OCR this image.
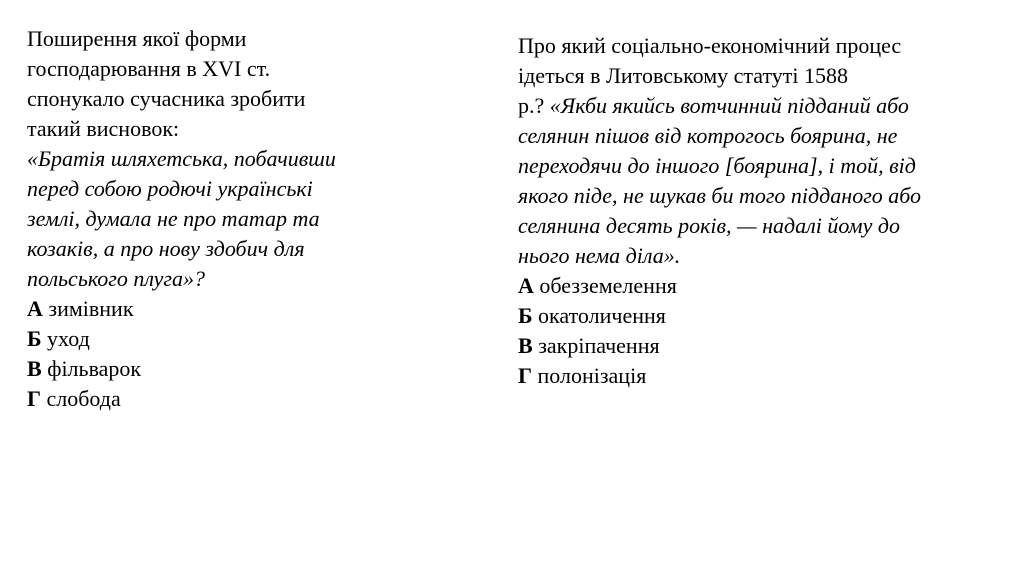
Поширення якої форми
господарювання в XVI ст.
спонукало сучасника зробити
такий висновок:
«Братія шляхетська, побачивши
перед собою родючі українські
землі, думала не про татар та
козаків, а про нову здобич для
польського плуга»?
А зимівник
Б уход
В фільварок
Г слобода
Про який соціально-економічний процес
ідеться в Литовському статуті 1588
р.? «Якби якийсь вотчинний підданий або
селянин пішов від котрогось боярина, не
переходячи до іншого [боярина], і той, від
якого піде, не шукав би того підданого або
селянина десять років, — надалі йому до
нього нема діла».
А обезземелення
Б окатоличення
В закріпачення
Г полонізація
